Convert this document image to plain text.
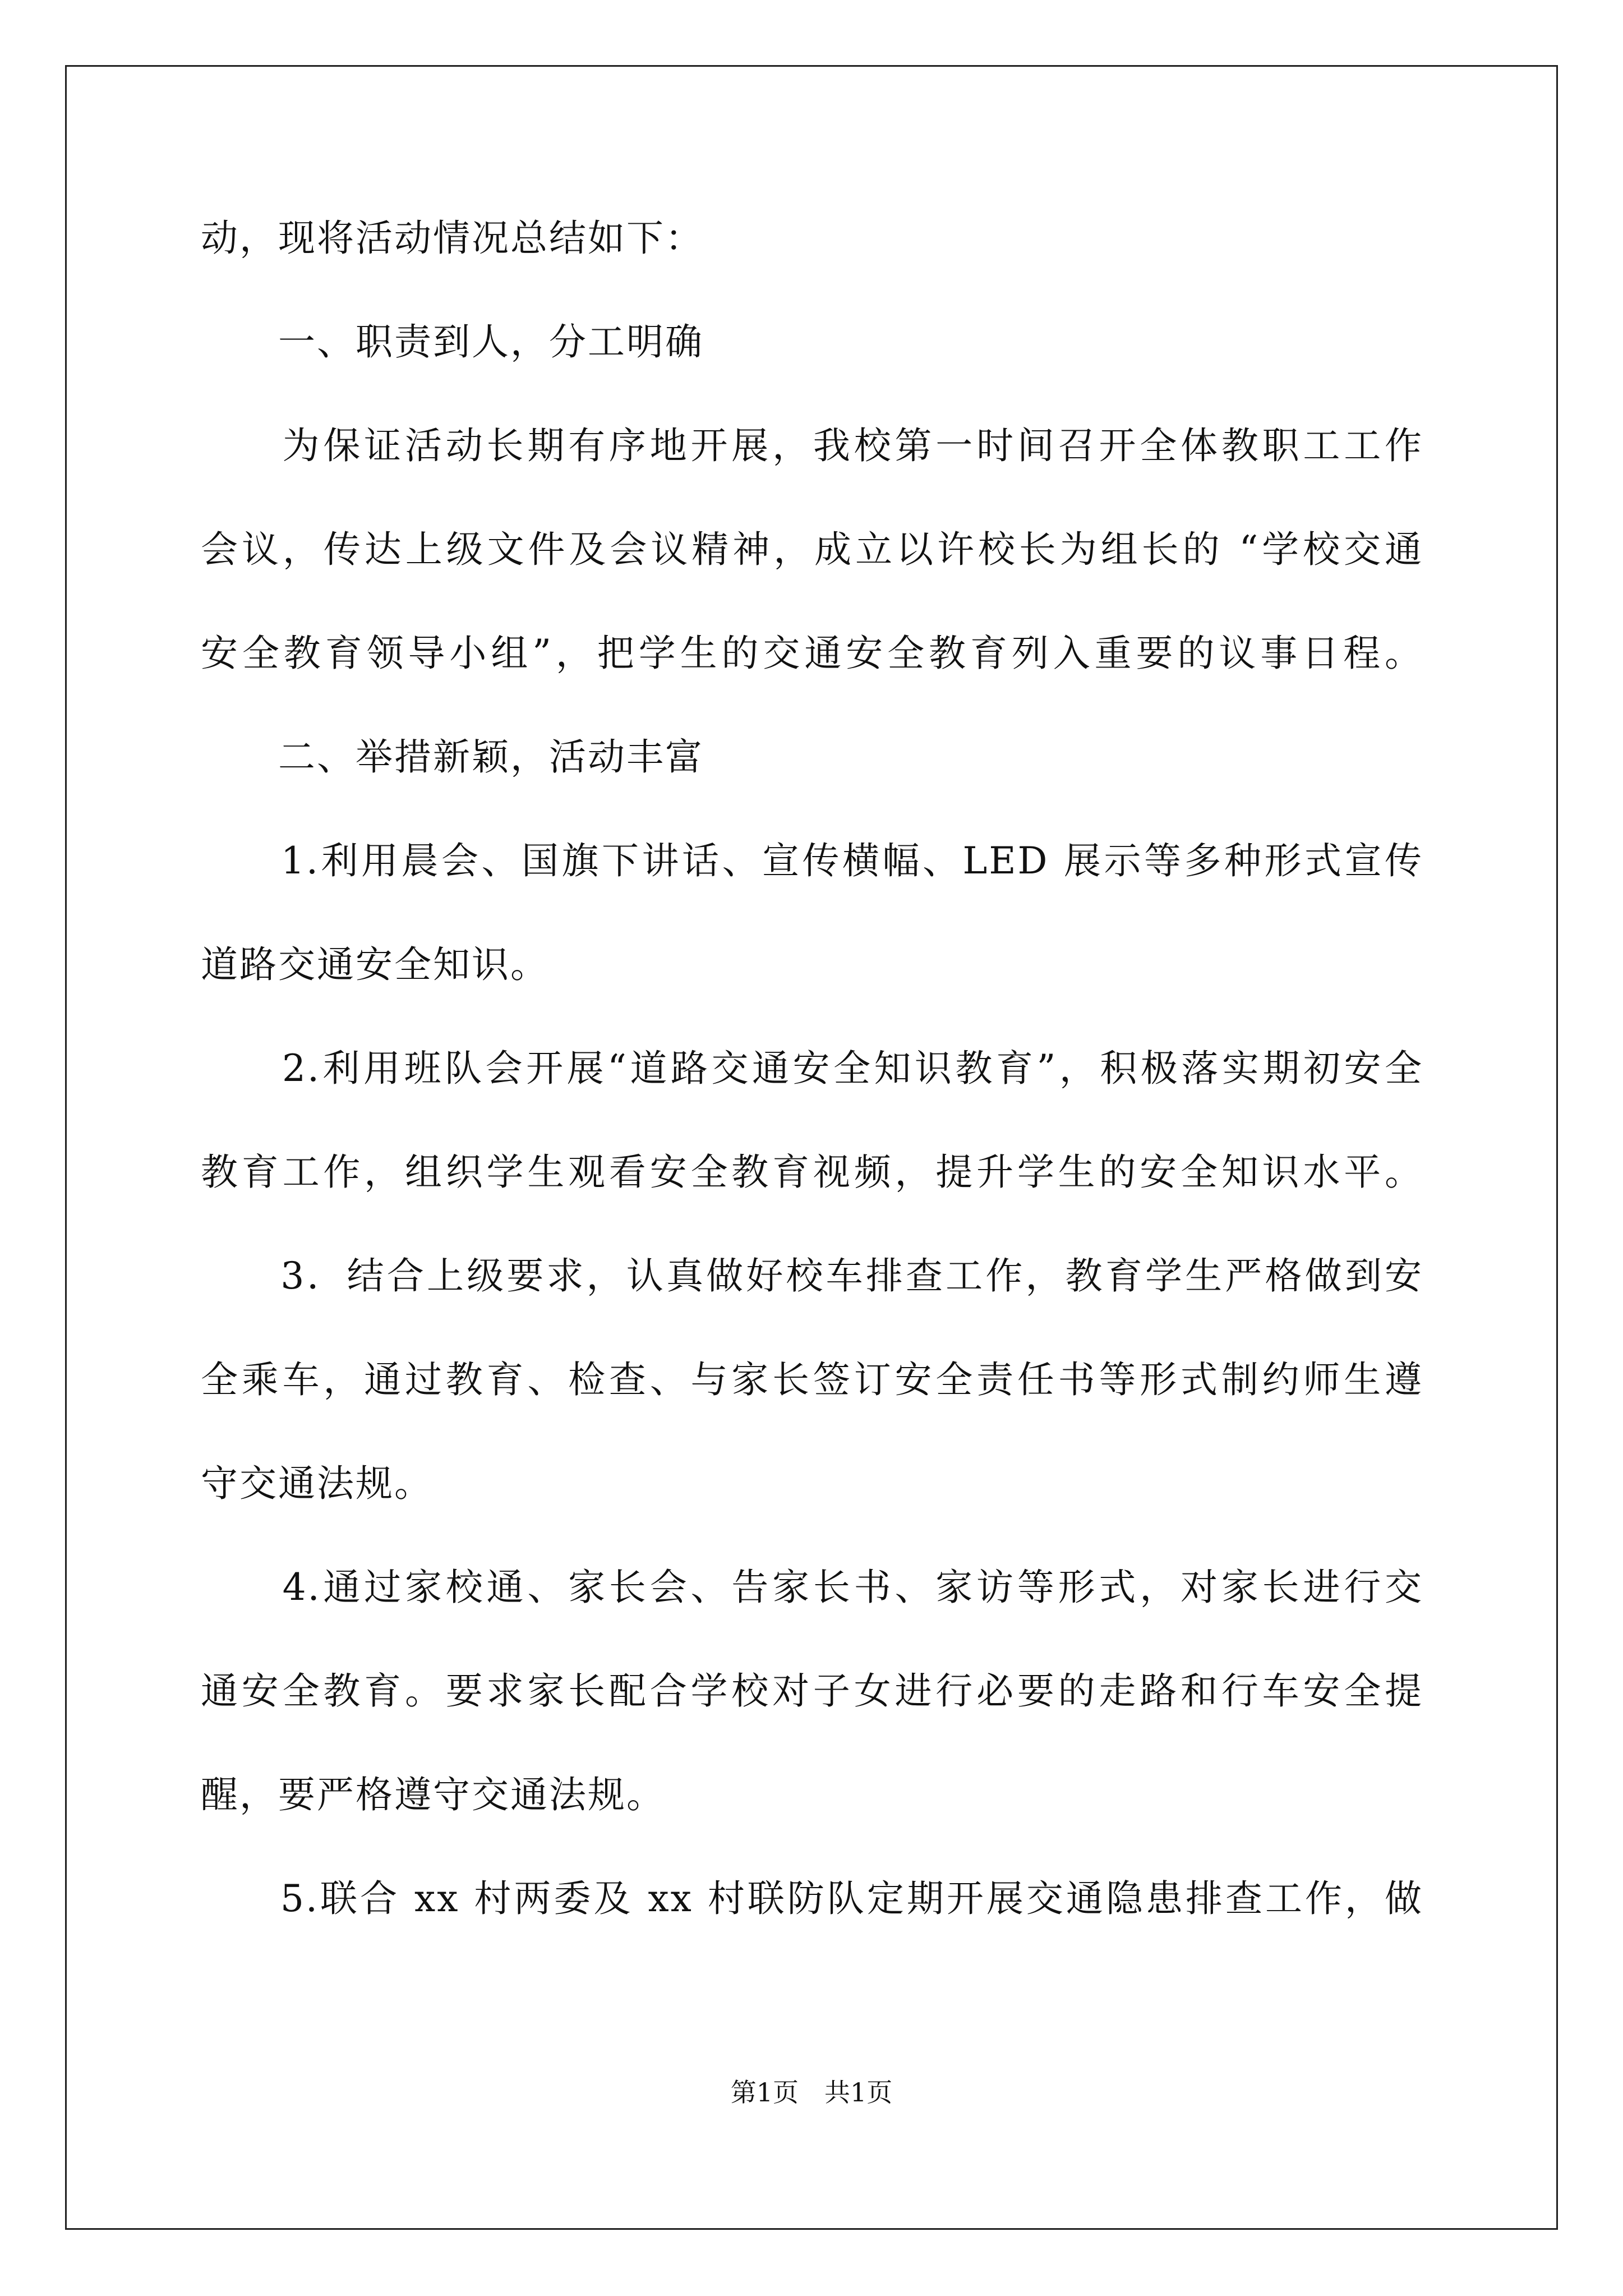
动，现将活动情况总结如下：
　　一、职责到人，分工明确
　　为保证活动长期有序地开展，我校第一时间召开全体教职工工作
会议，传达上级文件及会议精神，成立以许校长为组长的 “学校交通
安全教育领导小组”，把学生的交通安全教育列入重要的议事日程。
　　二、举措新颖，活动丰富
　　1.利用晨会、国旗下讲话、宣传横幅、LED 展示等多种形式宣传
道路交通安全知识。
　　2.利用班队会开展“道路交通安全知识教育”，积极落实期初安全
教育工作，组织学生观看安全教育视频，提升学生的安全知识水平。
　　3．结合上级要求，认真做好校车排查工作，教育学生严格做到安
全乘车，通过教育、检查、与家长签订安全责任书等形式制约师生遵
守交通法规。
　　4.通过家校通、家长会、告家长书、家访等形式，对家长进行交
通安全教育。要求家长配合学校对子女进行必要的走路和行车安全提
醒，要严格遵守交通法规。
　　5.联合 xx 村两委及 xx 村联防队定期开展交通隐患排查工作，做
第1页　共1页
